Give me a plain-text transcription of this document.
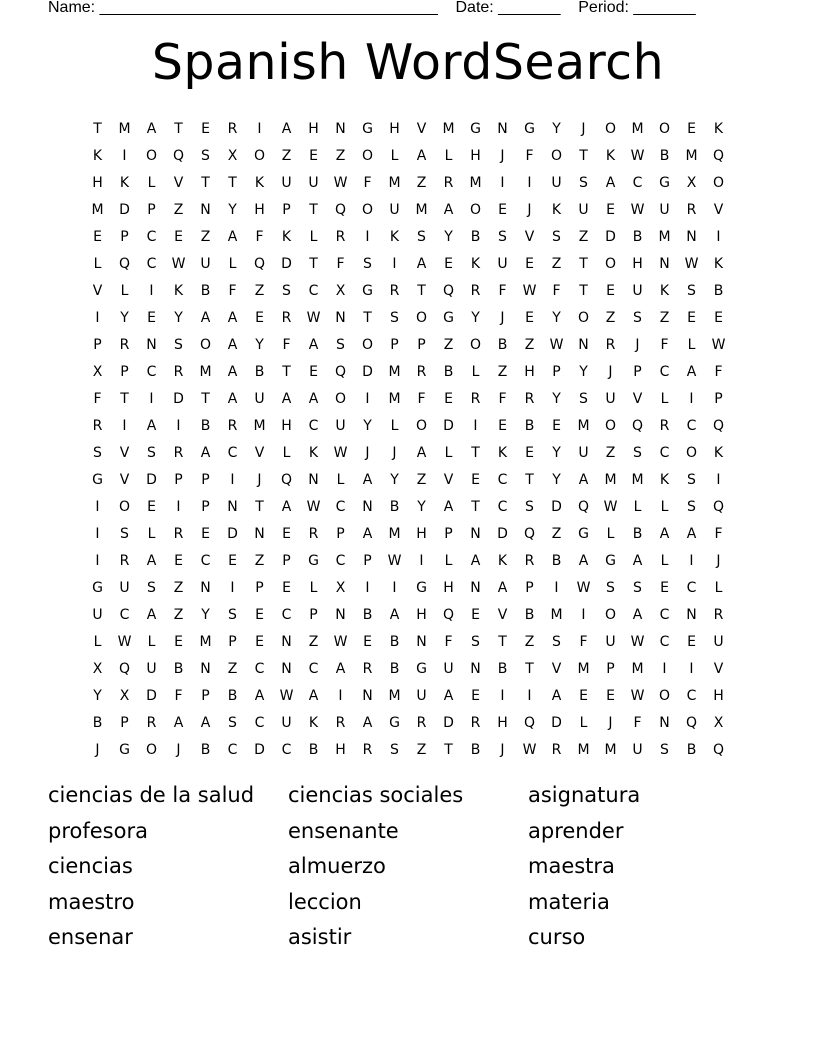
Name: ______________________________________    Date: _______    Period: _______
Spanish WordSearch
T	M	A	T	E	R	I	A	H	N	G	H	V	M	G	N	G	Y	J	O	M	O	E	K
K	I	O	Q	S	X	O	Z	E	Z	O	L	A	L	H	J	F	O	T	K	W	B	M	Q
H	K	L	V	T	T	K	U	U	W	F	M	Z	R	M	I	I	U	S	A	C	G	X	O
M	D	P	Z	N	Y	H	P	T	Q	O	U	M	A	O	E	J	K	U	E	W	U	R	V
E	P	C	E	Z	A	F	K	L	R	I	K	S	Y	B	S	V	S	Z	D	B	M	N	I
L	Q	C	W	U	L	Q	D	T	F	S	I	A	E	K	U	E	Z	T	O	H	N	W	K
V	L	I	K	B	F	Z	S	C	X	G	R	T	Q	R	F	W	F	T	E	U	K	S	B
I	Y	E	Y	A	A	E	R	W	N	T	S	O	G	Y	J	E	Y	O	Z	S	Z	E	E
P	R	N	S	O	A	Y	F	A	S	O	P	P	Z	O	B	Z	W	N	R	J	F	L	W
X	P	C	R	M	A	B	T	E	Q	D	M	R	B	L	Z	H	P	Y	J	P	C	A	F
F	T	I	D	T	A	U	A	A	O	I	M	F	E	R	F	R	Y	S	U	V	L	I	P
R	I	A	I	B	R	M	H	C	U	Y	L	O	D	I	E	B	E	M	O	Q	R	C	Q
S	V	S	R	A	C	V	L	K	W	J	J	A	L	T	K	E	Y	U	Z	S	C	O	K
G	V	D	P	P	I	J	Q	N	L	A	Y	Z	V	E	C	T	Y	A	M	M	K	S	I
I	O	E	I	P	N	T	A	W	C	N	B	Y	A	T	C	S	D	Q	W	L	L	S	Q
I	S	L	R	E	D	N	E	R	P	A	M	H	P	N	D	Q	Z	G	L	B	A	A	F
I	R	A	E	C	E	Z	P	G	C	P	W	I	L	A	K	R	B	A	G	A	L	I	J
G	U	S	Z	N	I	P	E	L	X	I	I	G	H	N	A	P	I	W	S	S	E	C	L
U	C	A	Z	Y	S	E	C	P	N	B	A	H	Q	E	V	B	M	I	O	A	C	N	R
L	W	L	E	M	P	E	N	Z	W	E	B	N	F	S	T	Z	S	F	U	W	C	E	U
X	Q	U	B	N	Z	C	N	C	A	R	B	G	U	N	B	T	V	M	P	M	I	I	V
Y	X	D	F	P	B	A	W	A	I	N	M	U	A	E	I	I	A	E	E	W	O	C	H
B	P	R	A	A	S	C	U	K	R	A	G	R	D	R	H	Q	D	L	J	F	N	Q	X
J	G	O	J	B	C	D	C	B	H	R	S	Z	T	B	J	W	R	M	M	U	S	B	Q
ciencias de la salud	ciencias sociales	asignatura
profesora	ensenante	aprender
ciencias	almuerzo	maestra
maestro	leccion	materia
ensenar	asistir	curso
